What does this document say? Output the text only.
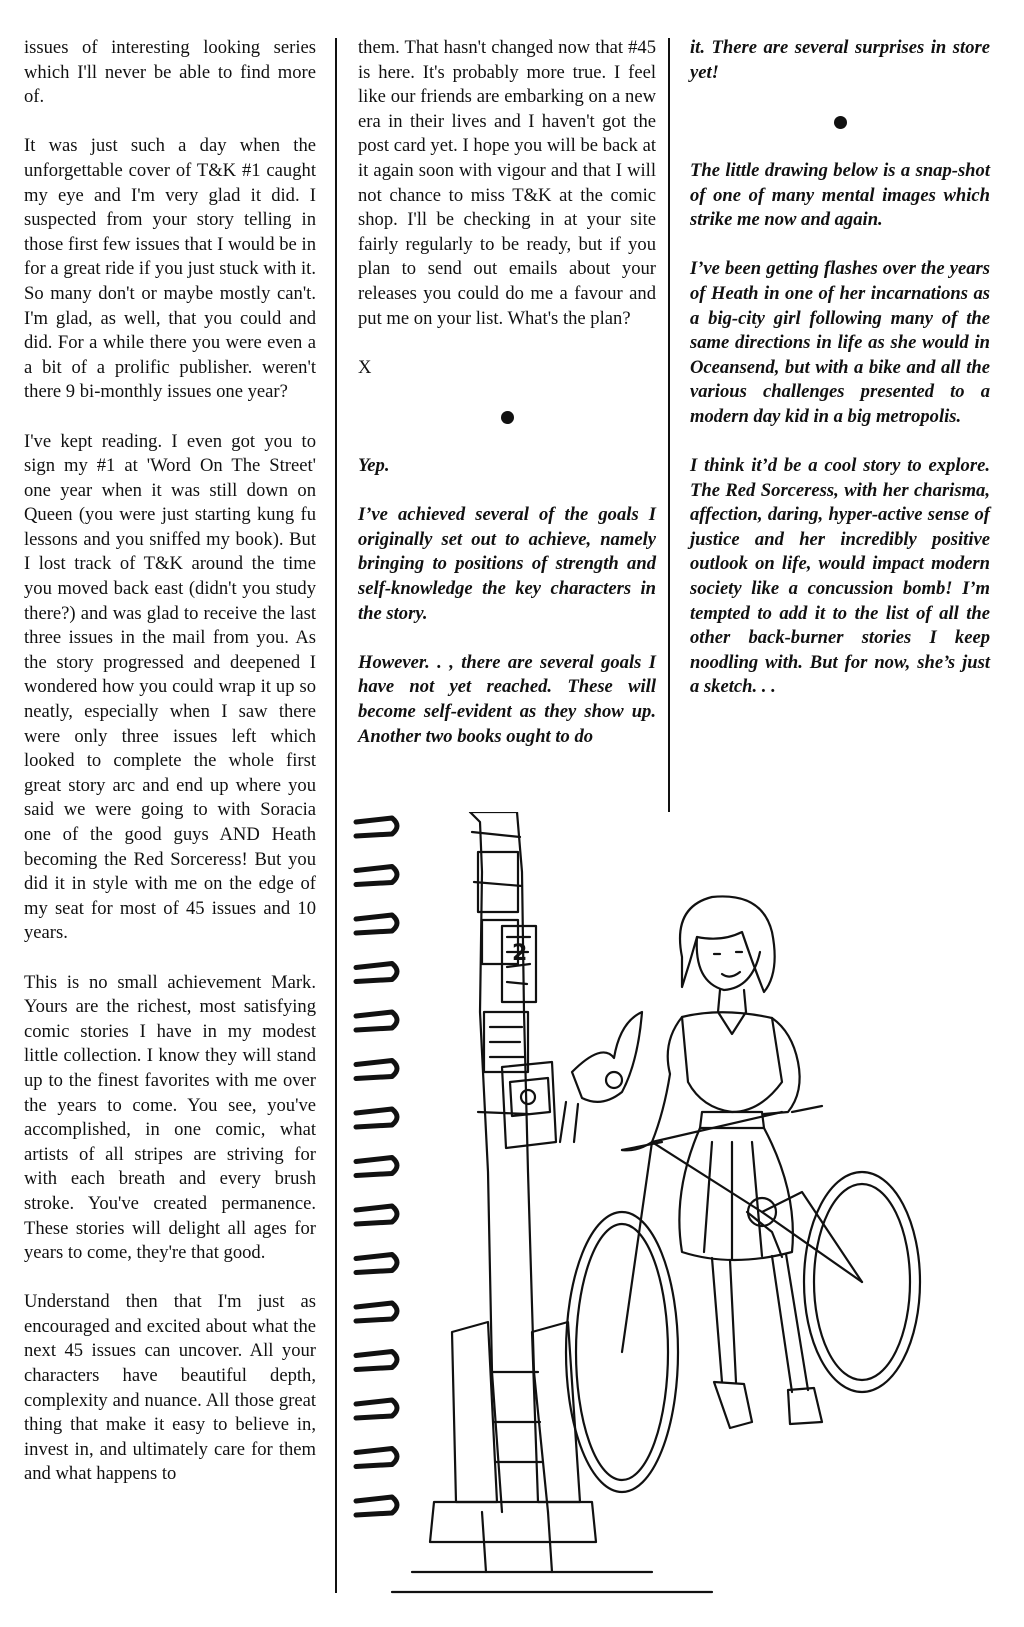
issues of interesting looking series which I'll never be able to find more of.

It was just such a day when the unforgettable cover of T&K #1 caught my eye and I'm very glad it did. I suspected from your story telling in those first few issues that I would be in for a great ride if you just stuck with it. So many don't or maybe mostly can't. I'm glad, as well, that you could and did. For a while there you were even a a bit of a prolific publisher. weren't there 9 bi-monthly issues one year?

I've kept reading. I even got you to sign my #1 at 'Word On The Street' one year when it was still down on Queen (you were just starting kung fu lessons and you sniffed my book). But I lost track of T&K around the time you moved back east (didn't you study there?) and was glad to receive the last three issues in the mail from you. As the story progressed and deepened I wondered how you could wrap it up so neatly, especially when I saw there were only three issues left which looked to complete the whole first great story arc and end up where you said we were going to with Soracia one of the good guys AND Heath becoming the Red Sorceress! But you did it in style with me on the edge of my seat for most of 45 issues and 10 years.

This is no small achievement Mark. Yours are the richest, most satisfying comic stories I have in my modest little collection. I know they will stand up to the finest favorites with me over the years to come. You see, you've accomplished, in one comic, what artists of all stripes are striving for with each breath and every brush stroke. You've created permanence. These stories will delight all ages for years to come, they're that good.

Understand then that I'm just as encouraged and excited about what the next 45 issues can uncover. All your characters have beautiful depth, complexity and nuance. All those great thing that make it easy to believe in, invest in, and ultimately care for them and what happens to

them. That hasn't changed now that #45 is here. It's probably more true. I feel like our friends are embarking on a new era in their lives and I haven't got the post card yet. I hope you will be back at it again soon with vigour and that I will not chance to miss T&K at the comic shop. I'll be checking in at your site fairly regularly to be ready, but if you plan to send out emails about your releases you could do me a favour and put me on your list. What's the plan?

X

Yep.

I’ve achieved several of the goals I originally set out to achieve, namely bringing to positions of strength and self-knowledge the key characters in the story.

However. . , there are several goals I have not yet reached. These will become self-evident as they show up. Another two books ought to do

it. There are several surprises in store yet!

The little drawing below is a snap-shot of one of many mental images which strike me now and again.

I’ve been getting flashes over the years of Heath in one of her incarnations as a big-city girl following many of the same directions in life as she would in Oceansend, but with a bike and all the various challenges presented to a modern day kid in a big metropolis.

I think it’d be a cool story to explore. The Red Sorceress, with her charisma, affection, daring, hyper-active sense of justice and her incredibly positive outlook on life, would impact modern society like a concussion bomb! I’m tempted to add it to the list of all the other back-burner stories I keep noodling with. But for now, she’s just a sketch. . .

2
